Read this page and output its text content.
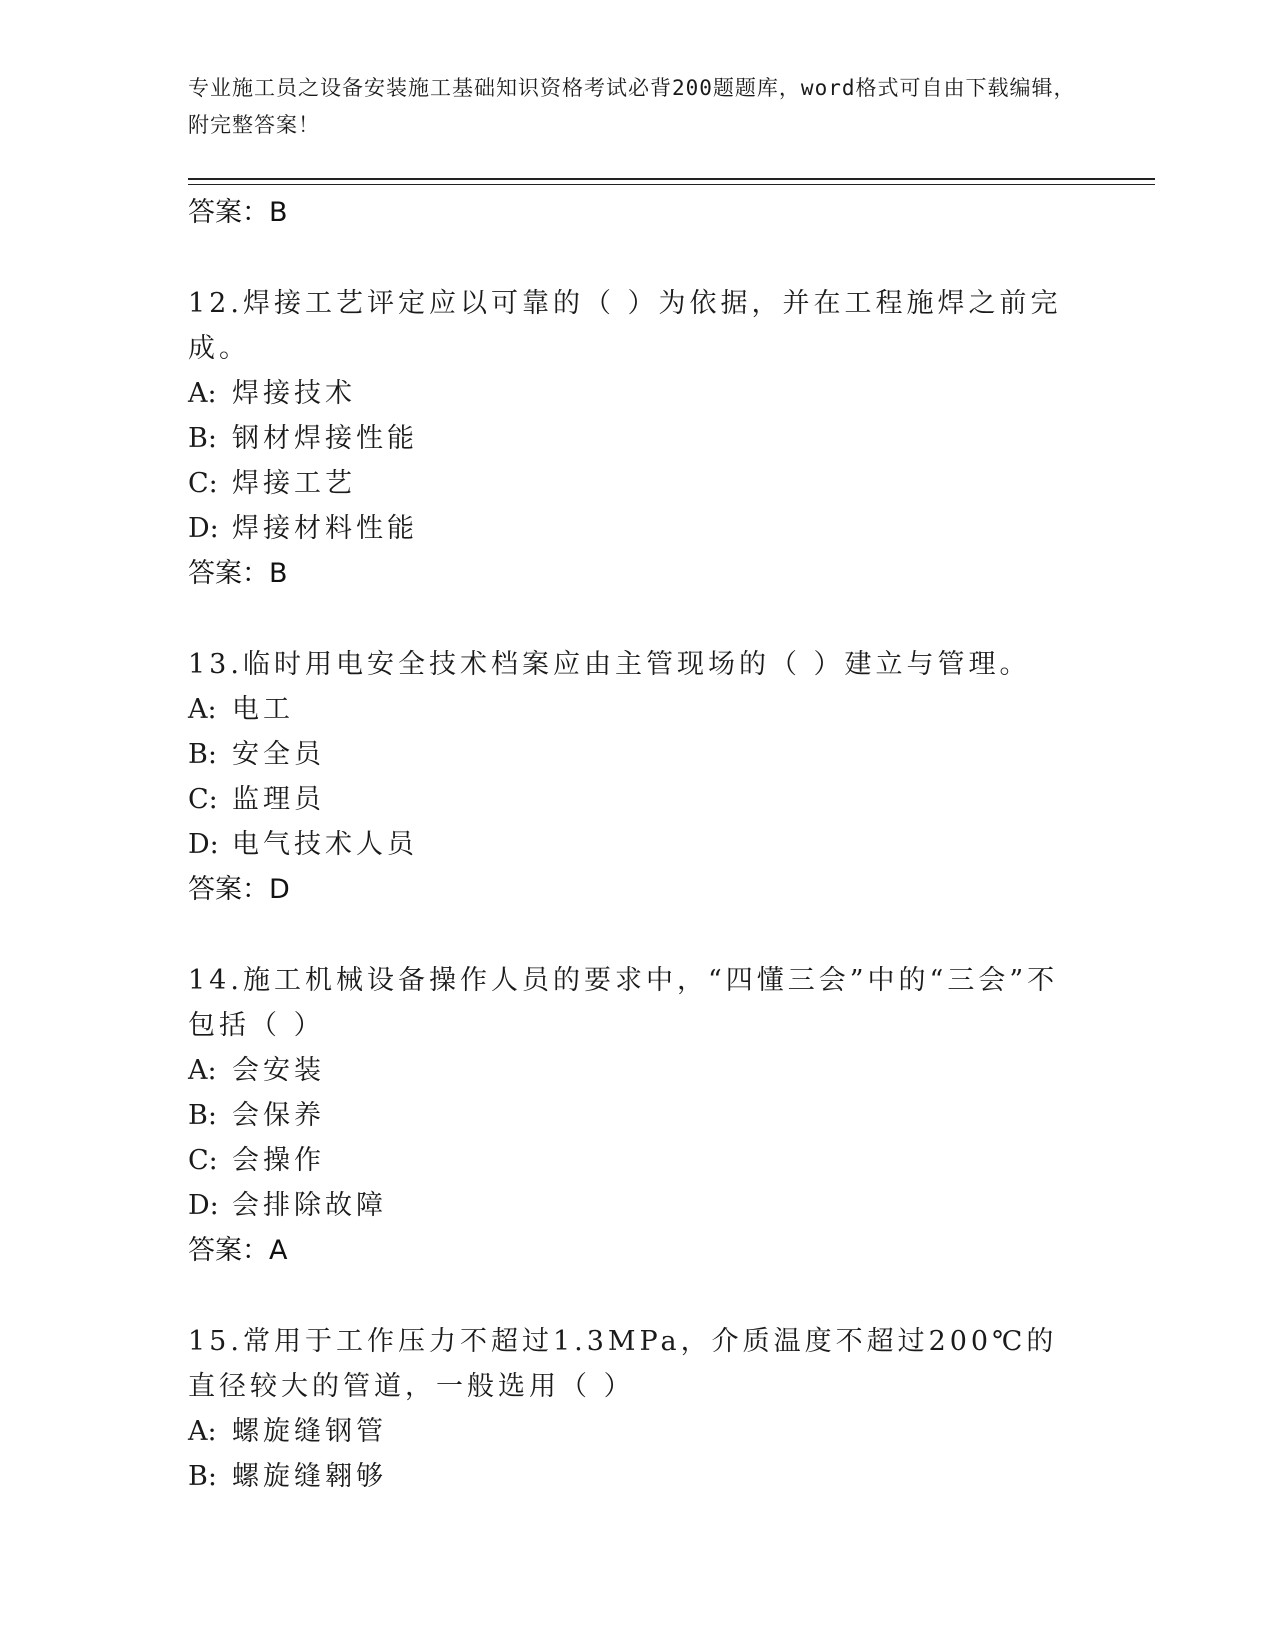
专业施工员之设备安装施工基础知识资格考试必背200题题库，word格式可自由下载编辑，附完整答案！
答案：B
12.焊接工艺评定应以可靠的（ ）为依据，并在工程施焊之前完成。
A: 焊接技术
B: 钢材焊接性能
C: 焊接工艺
D: 焊接材料性能
答案：B
13.临时用电安全技术档案应由主管现场的（ ）建立与管理。
A: 电工
B: 安全员
C: 监理员
D: 电气技术人员
答案：D
14.施工机械设备操作人员的要求中，“四懂三会”中的“三会”不包括（ ）
A: 会安装
B: 会保养
C: 会操作
D: 会排除故障
答案：A
15.常用于工作压力不超过1.3MPa，介质温度不超过200℃的直径较大的管道，一般选用（ ）
A: 螺旋缝钢管
B: 螺旋缝翱够
